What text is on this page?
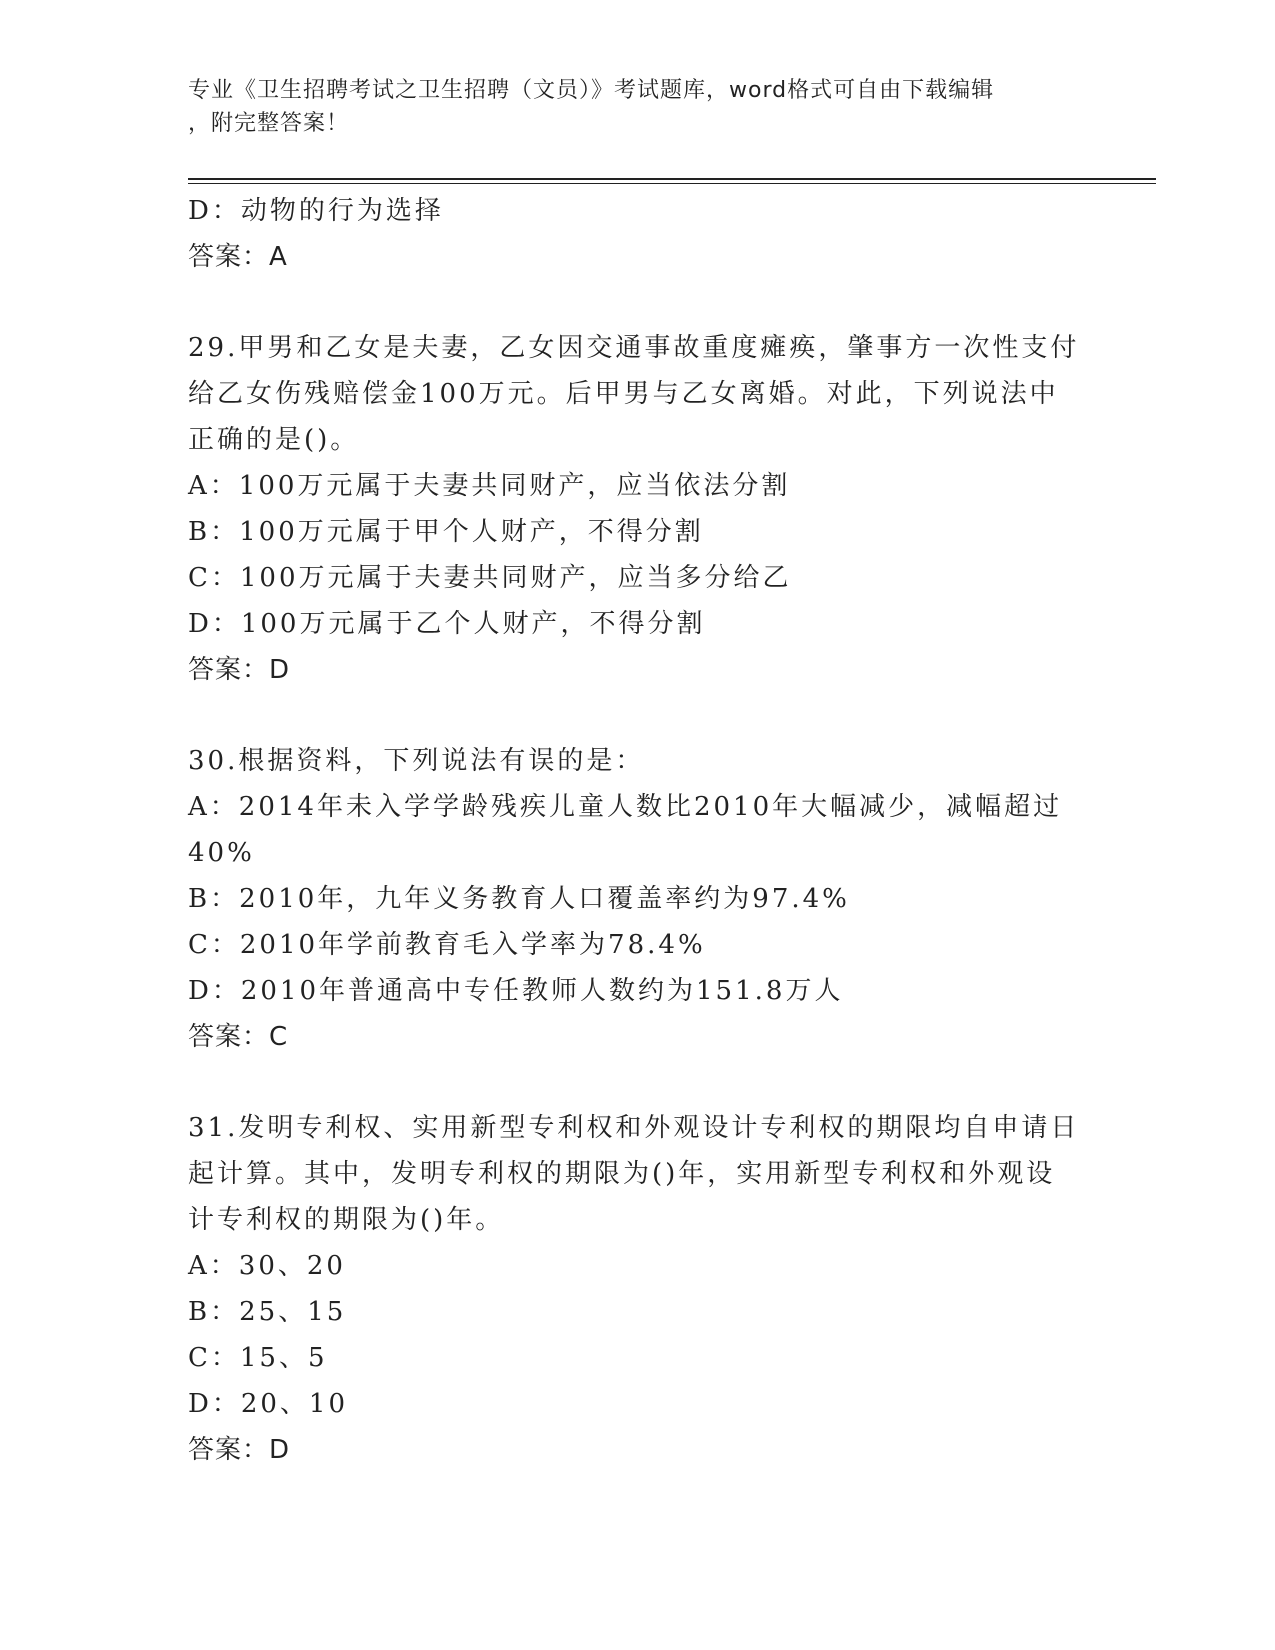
专业《卫生招聘考试之卫生招聘（文员）》考试题库，word格式可自由下载编辑
，附完整答案！
D：动物的行为选择
答案：A
29.甲男和乙女是夫妻，乙女因交通事故重度瘫痪，肇事方一次性支付
给乙女伤残赔偿金100万元。后甲男与乙女离婚。对此，下列说法中
正确的是()。
A：100万元属于夫妻共同财产，应当依法分割
B：100万元属于甲个人财产，不得分割
C：100万元属于夫妻共同财产，应当多分给乙
D：100万元属于乙个人财产，不得分割
答案：D
30.根据资料，下列说法有误的是：
A：2014年未入学学龄残疾儿童人数比2010年大幅减少，减幅超过
40%
B：2010年，九年义务教育人口覆盖率约为97.4%
C：2010年学前教育毛入学率为78.4%
D：2010年普通高中专任教师人数约为151.8万人
答案：C
31.发明专利权、实用新型专利权和外观设计专利权的期限均自申请日
起计算。其中，发明专利权的期限为()年，实用新型专利权和外观设
计专利权的期限为()年。
A：30、20
B：25、15
C：15、5
D：20、10
答案：D
